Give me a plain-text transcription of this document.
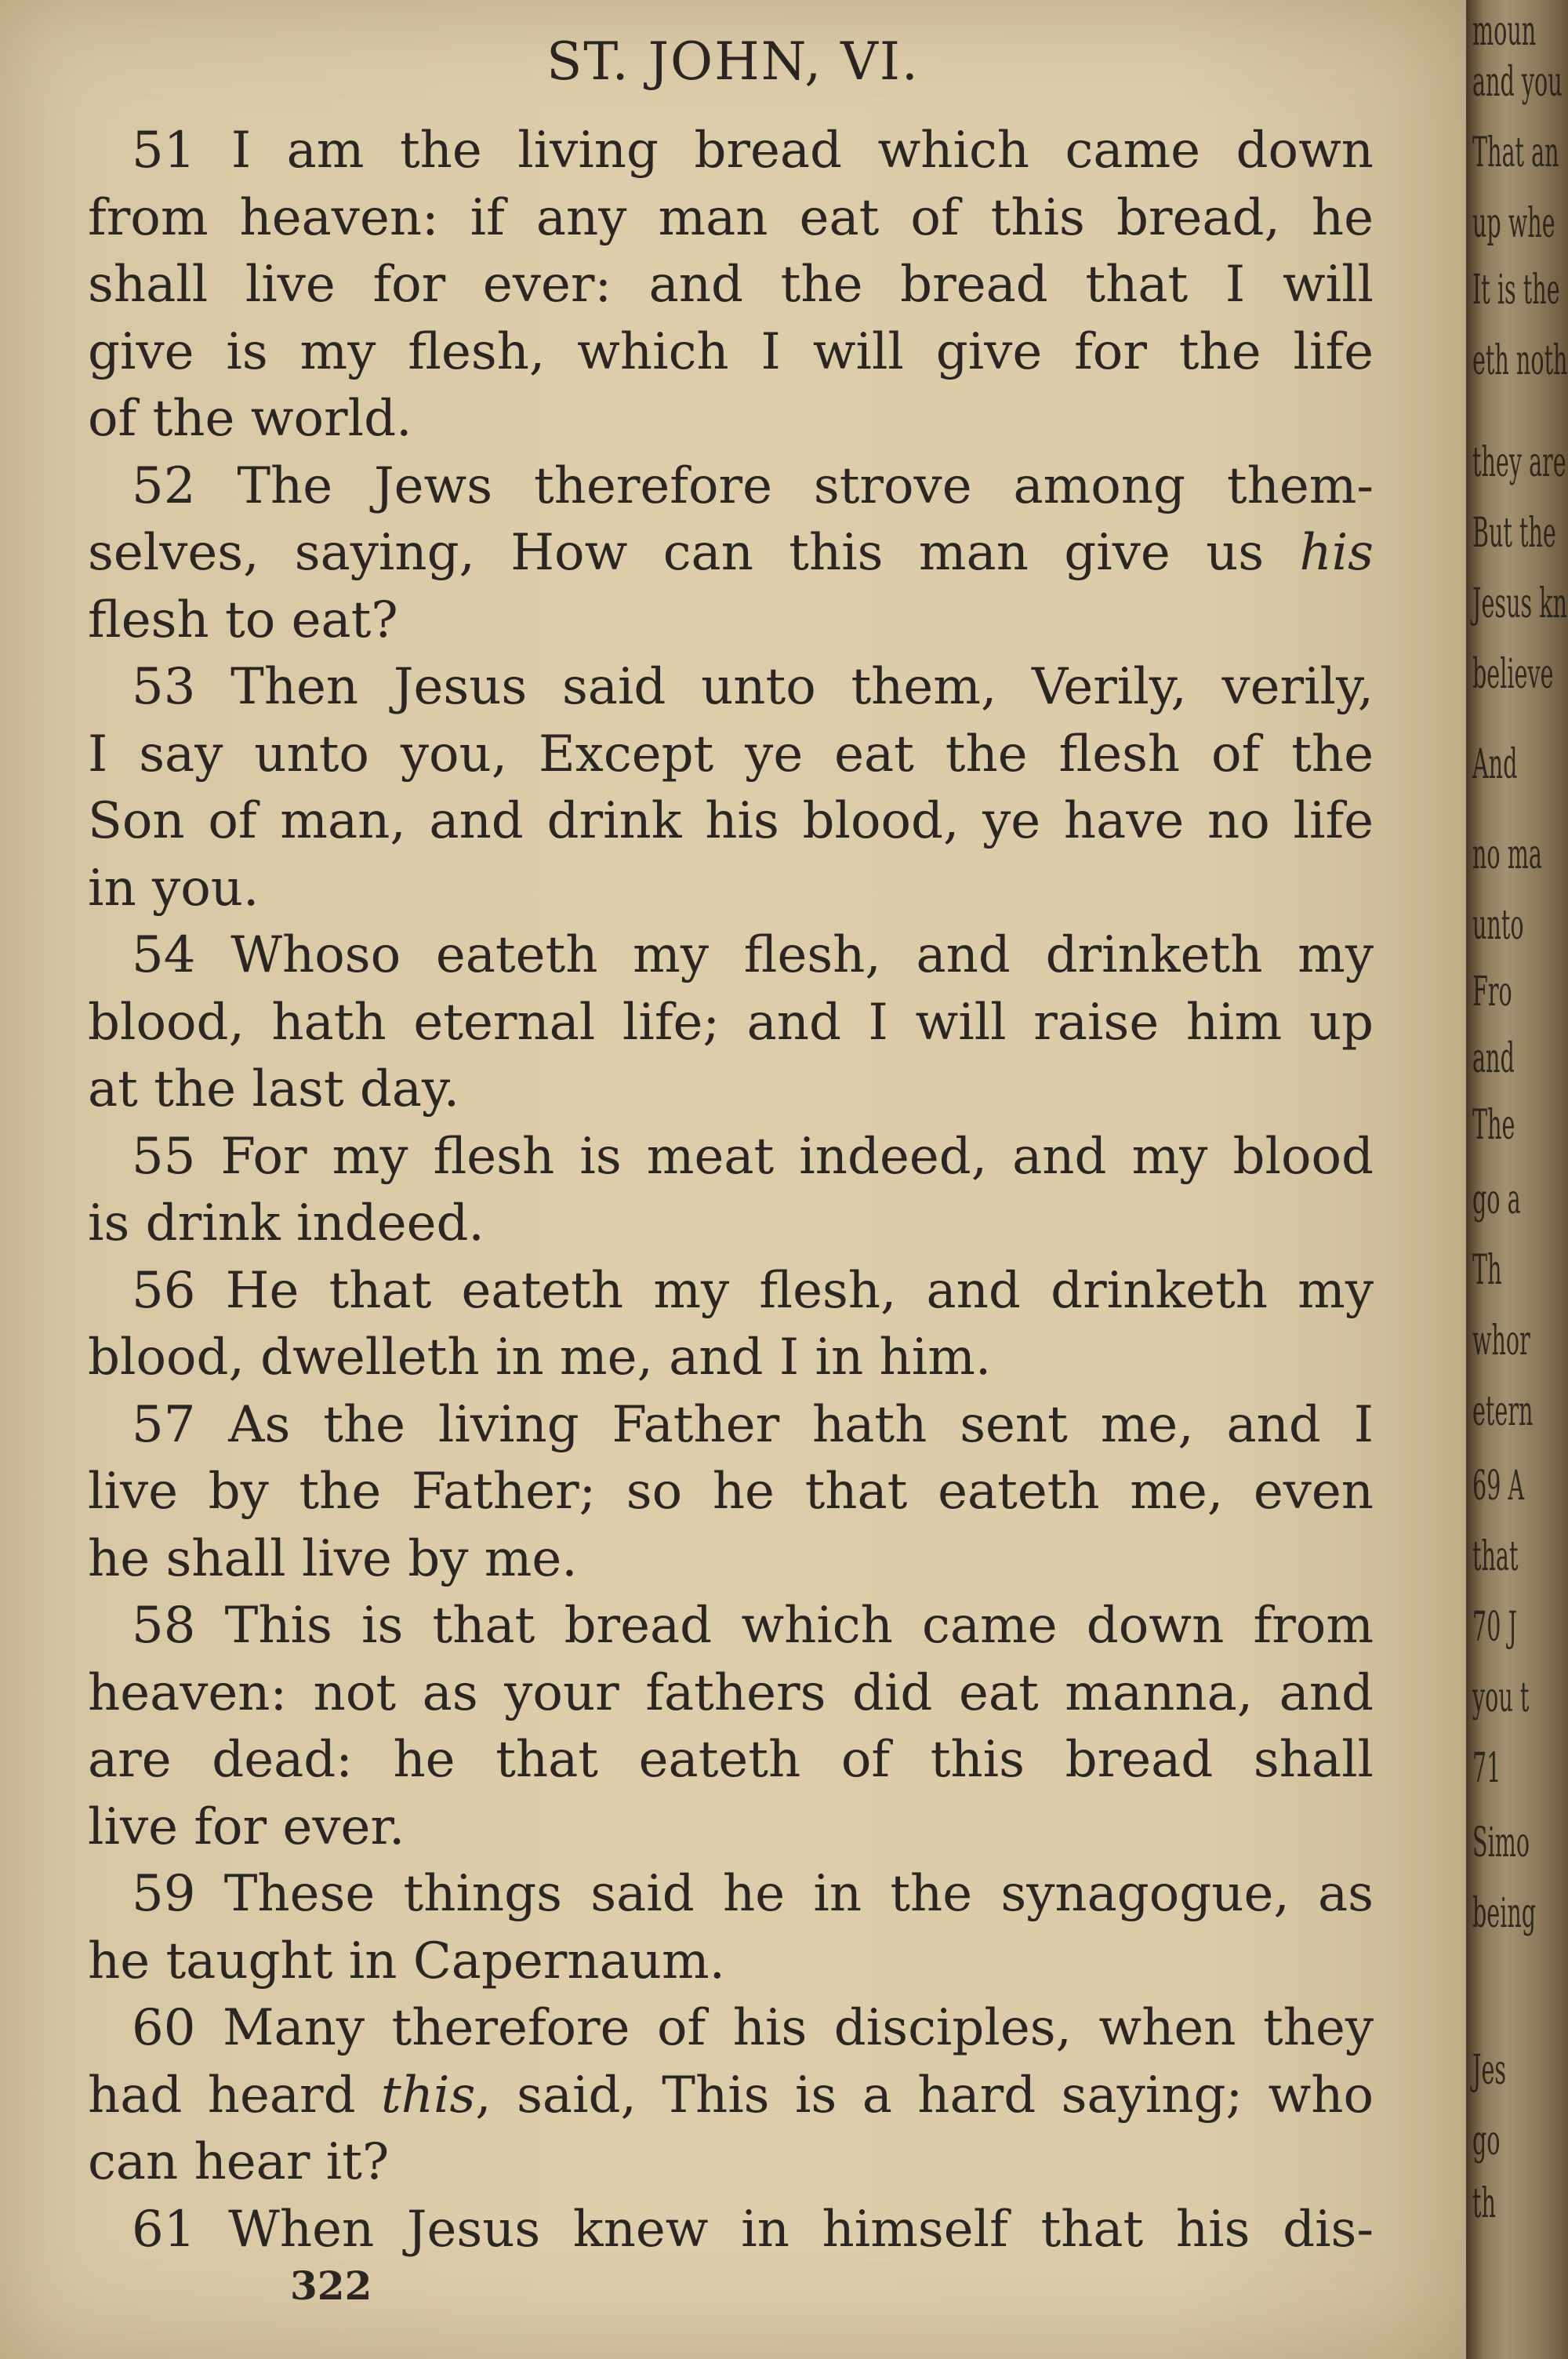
ST. JOHN, VI.
51 I am the living bread which came down
from heaven: if any man eat of this bread, he
shall live for ever: and the bread that I will
give is my flesh, which I will give for the life
of the world.
52 The Jews therefore strove among them-
selves, saying, How can this man give us his
flesh to eat?
53 Then Jesus said unto them, Verily, verily,
I say unto you, Except ye eat the flesh of the
Son of man, and drink his blood, ye have no life
in you.
54 Whoso eateth my flesh, and drinketh my
blood, hath eternal life; and I will raise him up
at the last day.
55 For my flesh is meat indeed, and my blood
is drink indeed.
56 He that eateth my flesh, and drinketh my
blood, dwelleth in me, and I in him.
57 As the living Father hath sent me, and I
live by the Father; so he that eateth me, even
he shall live by me.
58 This is that bread which came down from
heaven: not as your fathers did eat manna, and
are dead: he that eateth of this bread shall
live for ever.
59 These things said he in the synagogue, as
he taught in Capernaum.
60 Many therefore of his disciples, when they
had heard this, said, This is a hard saying; who
can hear it?
61 When Jesus knew in himself that his dis-
322
moun
and you
That an
up whe
It is the
eth noth
they are
But the
Jesus kn
believe
And
no ma
unto
Fro
and
The
go a
Th
whor
etern
69 A
that
70 J
you t
71
Simo
being
Jes
go
th
